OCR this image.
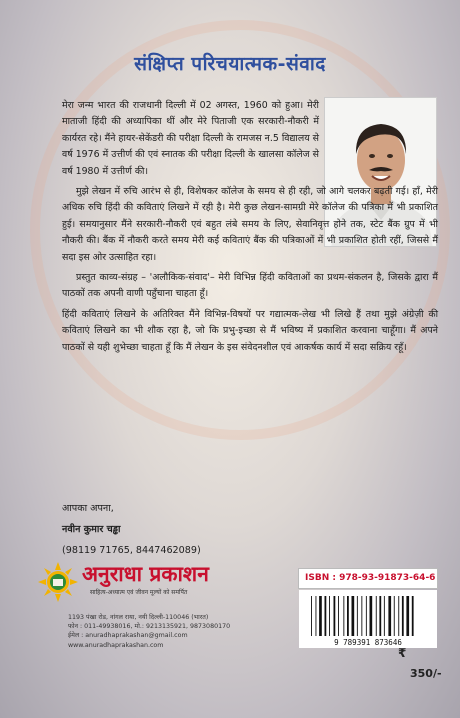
संक्षिप्त परिचयात्मक-संवाद

मेरा जन्म भारत की राजधानी दिल्ली में 02 अगस्त, 1960 को हुआ। मेरी माताजी हिंदी की अध्यापिका थीं और मेरे पिताजी एक सरकारी-नौकरी में कार्यरत रहे। मैंने हायर-सेकेंडरी की परीक्षा दिल्ली के रामजस न.5 विद्यालय से वर्ष 1976 में उत्तीर्ण की एवं स्नातक की परीक्षा दिल्ली के खालसा कॉलेज से वर्ष 1980 में उत्तीर्ण की।

मुझे लेखन में रुचि आरंभ से ही, विशेषकर कॉलेज के समय से ही रही, जो आगे चलकर बढ़ती गई। हाँ, मेरी अधिक रुचि हिंदी की कविताएं लिखने में रही है। मेरी कुछ लेखन-सामग्री मेरे कॉलेज की पत्रिका में भी प्रकाशित हुई। समयानुसार मैंने सरकारी-नौकरी एवं बहुत लंबे समय के लिए, सेवानिवृत्त होने तक, स्टेट बैंक ग्रुप में भी नौकरी की। बैंक में नौकरी करते समय मेरी कई कविताएं बैंक की पत्रिकाओं में भी प्रकाशित होती रहीं, जिससे मैं सदा इस ओर उत्साहित रहा।

प्रस्तुत काव्य-संग्रह – 'अलौकिक-संवाद'– मेरी विभिन्न हिंदी कविताओं का प्रथम-संकलन है, जिसके द्वारा मैं पाठकों तक अपनी वाणी पहुँचाना चाहता हूँ।

हिंदी कविताएं लिखने के अतिरिक्त मैंने विभिन्न-विषयों पर गद्यात्मक-लेख भी लिखे हैं तथा मुझे अंग्रेज़ी की कविताएं लिखने का भी शौक रहा है, जो कि प्रभु-इच्छा से मैं भविष्य में प्रकाशित करवाना चाहूँगा। मैं अपने पाठकों से यही शुभेच्छा चाहता हूँ कि मैं लेखन के इस संवेदनशील एवं आकर्षक कार्य में सदा सक्रिय रहूँ।

आपका अपना,
नवीन कुमार चड्ढा
(98119 71765, 8447462089)
अनुराधा प्रकाशन
साहित्य-अध्यात्म एवं जीवन मूल्यों को समर्पित
1193 पंखा रोड, नांगल राया, नयी दिल्ली-110046 (भारत)
फोन : 011-49938016, मो.: 9213135921, 9873080170
ईमेल : anuradhaprakashan@gmail.com
www.anuradhaprakashan.com
ISBN : 978-93-91873-64-6
9 789391 873646
₹
350/-
